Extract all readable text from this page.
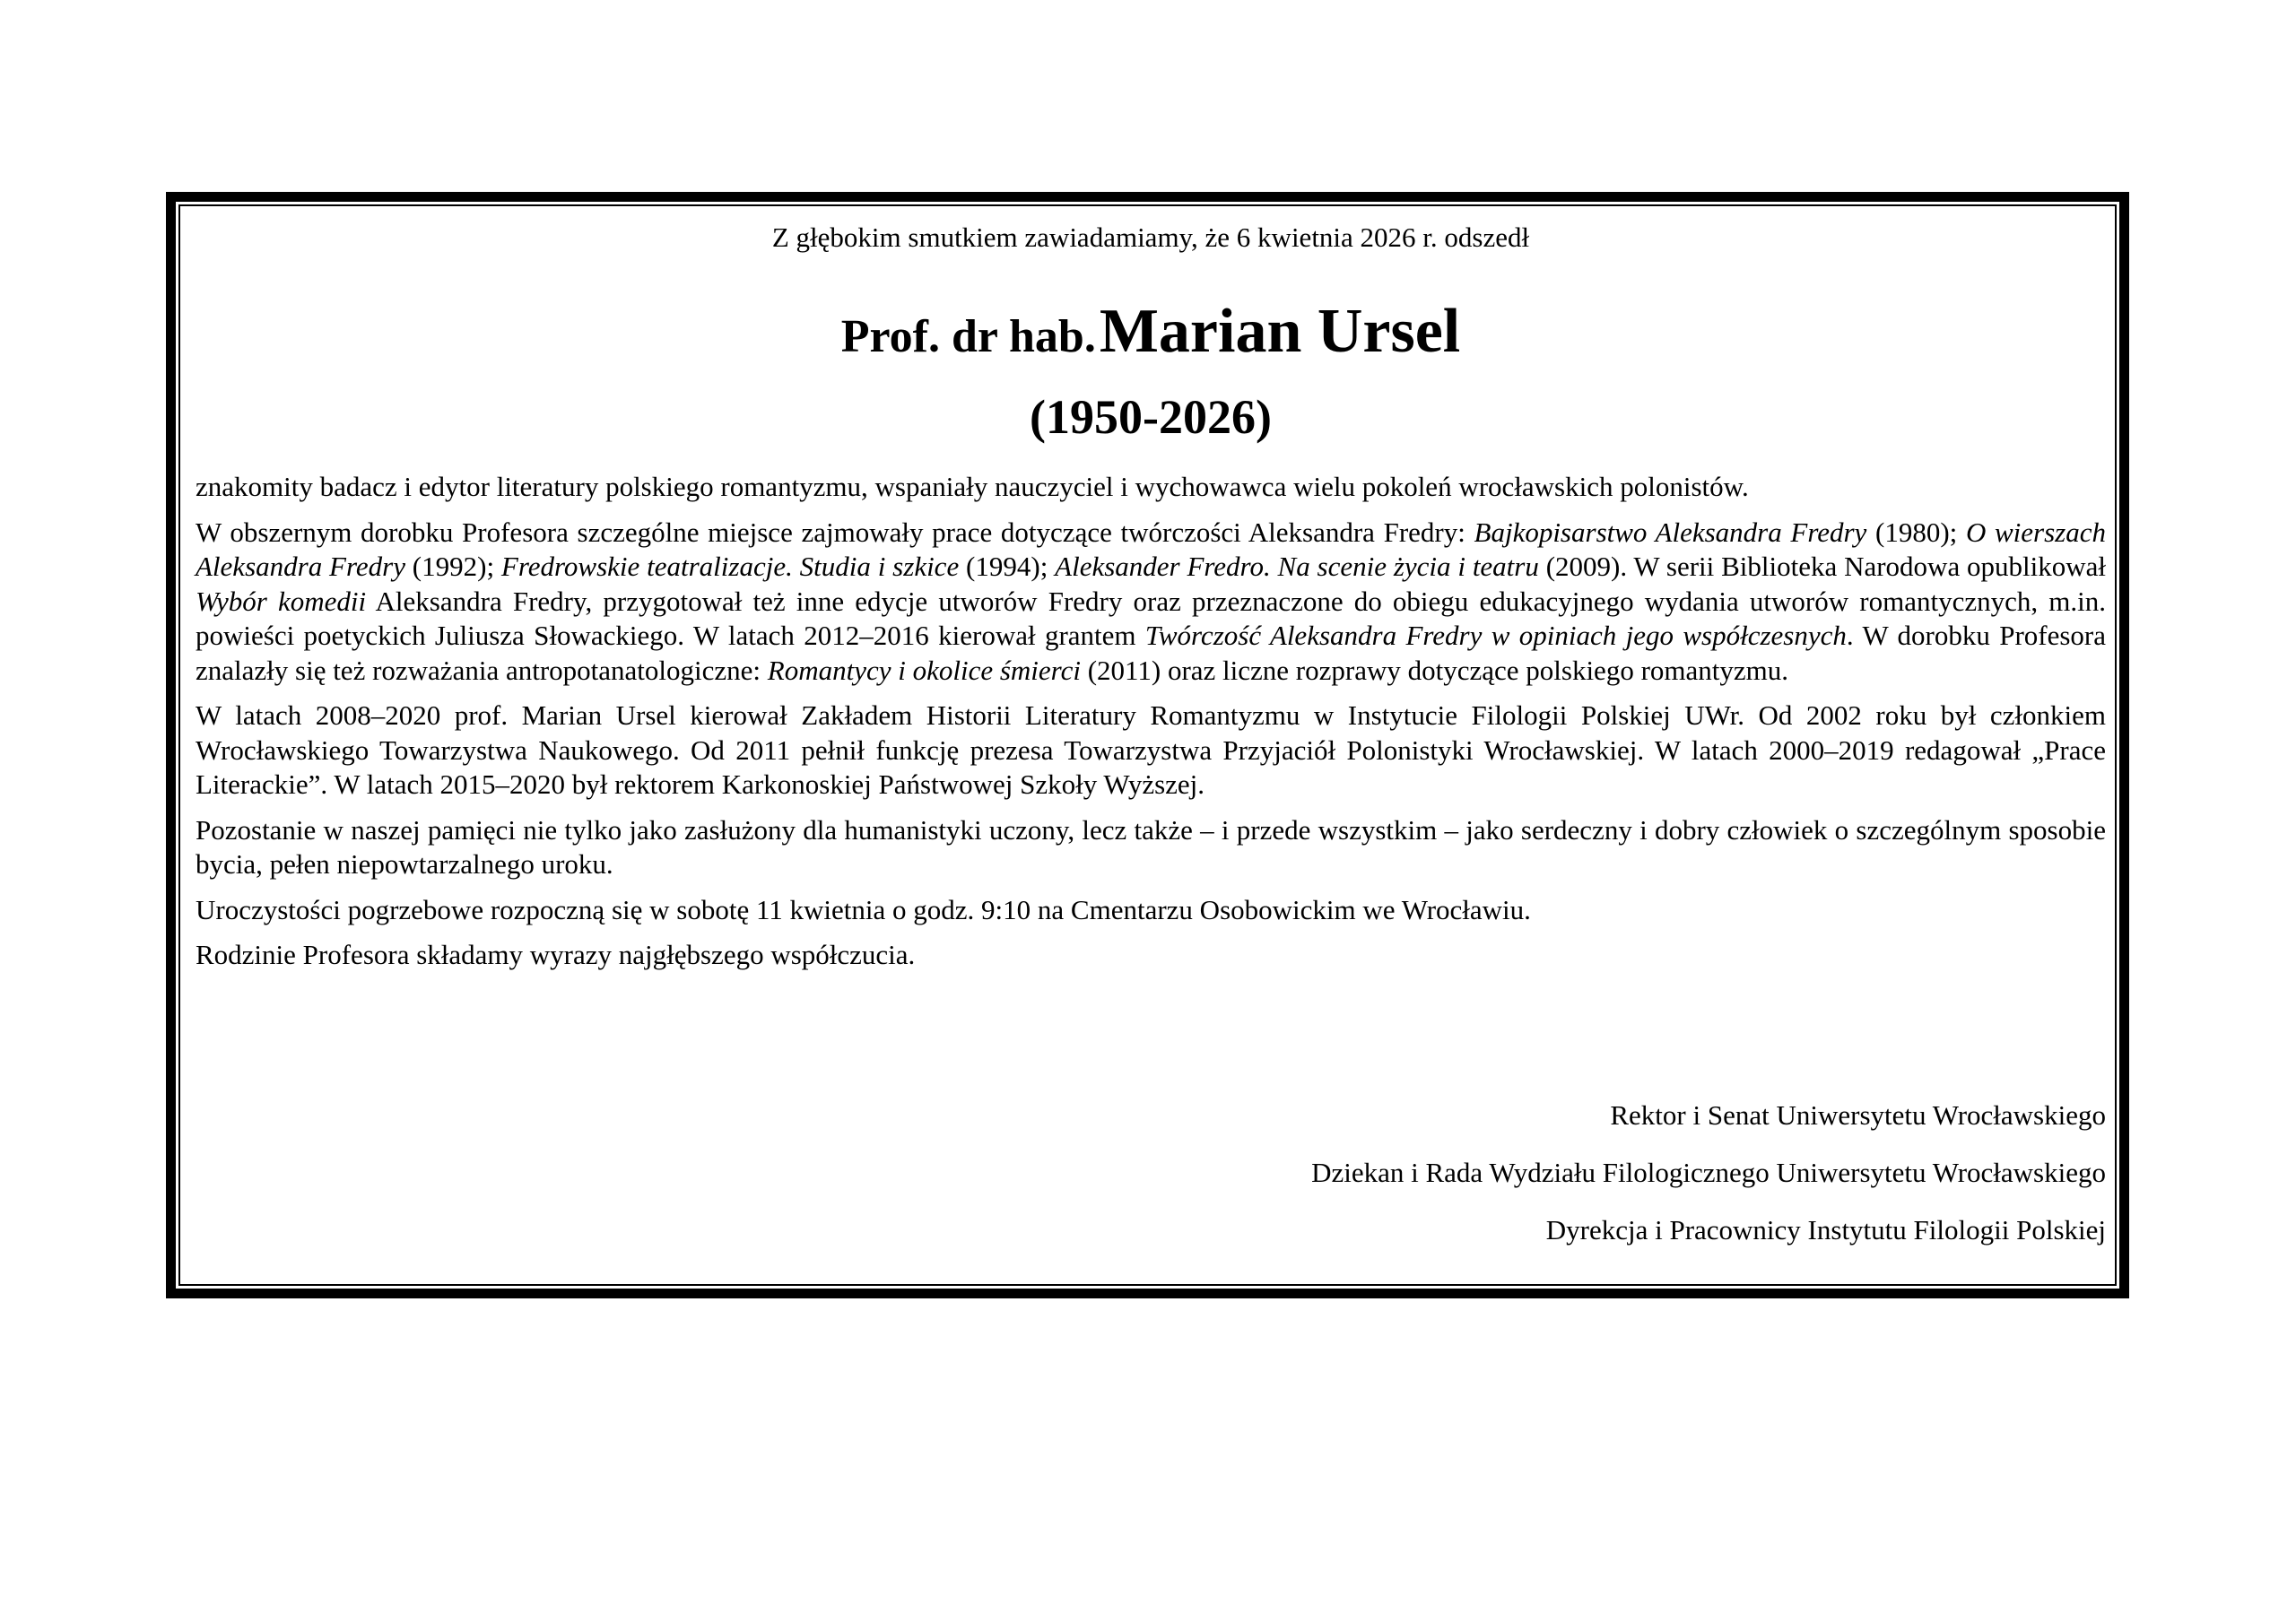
Z głębokim smutkiem zawiadamiamy, że 6 kwietnia 2026 r. odszedł
Prof. dr hab. Marian Ursel
(1950-2026)

znakomity badacz i edytor literatury polskiego romantyzmu, wspaniały nauczyciel i wychowawca wielu pokoleń wrocławskich polonistów.

W obszernym dorobku Profesora szczególne miejsce zajmowały prace dotyczące twórczości Aleksandra Fredry: Bajkopisarstwo Aleksandra Fredry (1980); O wierszach Aleksandra Fredry (1992); Fredrowskie teatralizacje. Studia i szkice (1994); Aleksander Fredro. Na scenie życia i teatru (2009). W serii Biblioteka Narodowa opublikował Wybór komedii Aleksandra Fredry, przygotował też inne edycje utworów Fredry oraz przeznaczone do obiegu edukacyjnego wydania utworów romantycznych, m.in. powieści poetyckich Juliusza Słowackiego. W latach 2012–2016 kierował grantem Twórczość Aleksandra Fredry w opiniach jego współczesnych. W dorobku Profesora znalazły się też rozważania antropotanatologiczne: Romantycy i okolice śmierci (2011) oraz liczne rozprawy dotyczące polskiego romantyzmu.

W latach 2008–2020 prof. Marian Ursel kierował Zakładem Historii Literatury Romantyzmu w Instytucie Filologii Polskiej UWr. Od 2002 roku był członkiem Wrocławskiego Towarzystwa Naukowego. Od 2011 pełnił funkcję prezesa Towarzystwa Przyjaciół Polonistyki Wrocławskiej. W latach 2000–2019 redagował „Prace Literackie”. W latach 2015–2020 był rektorem Karkonoskiej Państwowej Szkoły Wyższej.

Pozostanie w naszej pamięci nie tylko jako zasłużony dla humanistyki uczony, lecz także – i przede wszystkim – jako serdeczny i dobry człowiek o szczególnym sposobie bycia, pełen niepowtarzalnego uroku.

Uroczystości pogrzebowe rozpoczną się w sobotę 11 kwietnia o godz. 9:10 na Cmentarzu Osobowickim we Wrocławiu.

Rodzinie Profesora składamy wyrazy najgłębszego współczucia.

Rektor i Senat Uniwersytetu Wrocławskiego
Dziekan i Rada Wydziału Filologicznego Uniwersytetu Wrocławskiego
Dyrekcja i Pracownicy Instytutu Filologii Polskiej
